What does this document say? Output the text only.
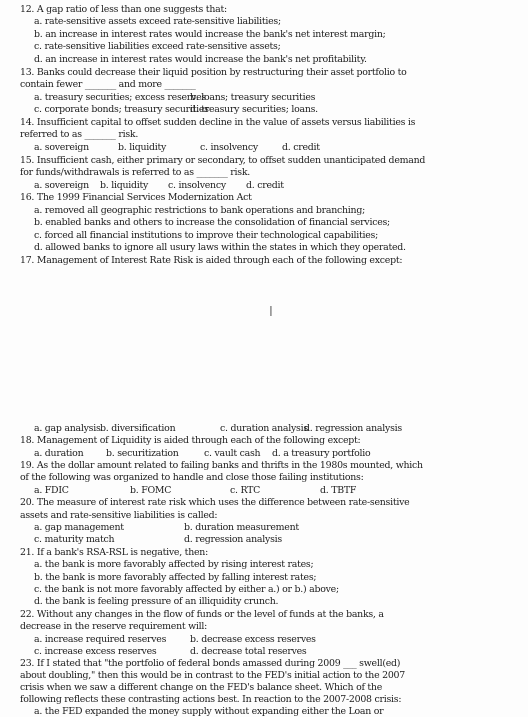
12. A gap ratio of less than one suggests that:
a. rate-sensitive assets exceed rate-sensitive liabilities;
b. an increase in interest rates would increase the bank's net interest margin;
c. rate-sensitive liabilities exceed rate-sensitive assets;
d. an increase in interest rates would increase the bank's net profitability.
13. Banks could decrease their liquid position by restructuring their asset portfolio to
contain fewer _______ and more _______
a. treasury securities; excess reserves
b. loans; treasury securities
c. corporate bonds; treasury securities
d. treasury securities; loans.
14. Insufficient capital to offset sudden decline in the value of assets versus liabilities is
referred to as _______ risk.
a. sovereign	b. liquidity	c. insolvency	d. credit
15. Insufficient cash, either primary or secondary, to offset sudden unanticipated demand
for funds/withdrawals is referred to as _______ risk.
a. sovereign b. liquidity c. insolvency d. credit
16. The 1999 Financial Services Modernization Act
a. removed all geographic restrictions to bank operations and branching;
b. enabled banks and others to increase the consolidation of financial services;
c. forced all financial institutions to improve their technological capabilities;
d. allowed banks to ignore all usury laws within the states in which they operated.
17. Management of Interest Rate Risk is aided through each of the following except:
I
a. gap analysis b. diversification	c. duration analysis
d. regression analysis
18. Management of Liquidity is aided through each of the following except:
a. duration b. securitization	c. vault cash d. a treasury portfolio
19. As the dollar amount related to failing banks and thrifts in the 1980s mounted, which
of the following was organized to handle and close those failing institutions:
a. FDIC	b. FOMC	c. RTC	d. TBTF
20. The measure of interest rate risk which uses the difference between rate-sensitive
assets and rate-sensitive liabilities is called:
a. gap management	b. duration measurement
c. maturity match	d. regression analysis
21. If a bank's RSA-RSL is negative, then:
a. the bank is more favorably affected by rising interest rates;
b. the bank is more favorably affected by falling interest rates;
c. the bank is not more favorably affected by either a.) or b.) above;
d. the bank is feeling pressure of an illiquidity crunch.
22. Without any changes in the flow of funds or the level of funds at the banks, a
decrease in the reserve requirement will:
a. increase required reserves	b. decrease excess reserves
c. increase excess reserves	d. decrease total reserves
23. If I stated that "the portfolio of federal bonds amassed during 2009 ___ swell(ed)
about doubling," then this would be in contrast to the FED's initial action to the 2007
crisis when we saw a different change on the FED's balance sheet. Which of the
following reflects these contrasting actions best. In reaction to the 2007-2008 crisis:
a. the FED expanded the money supply without expanding either the Loan or
